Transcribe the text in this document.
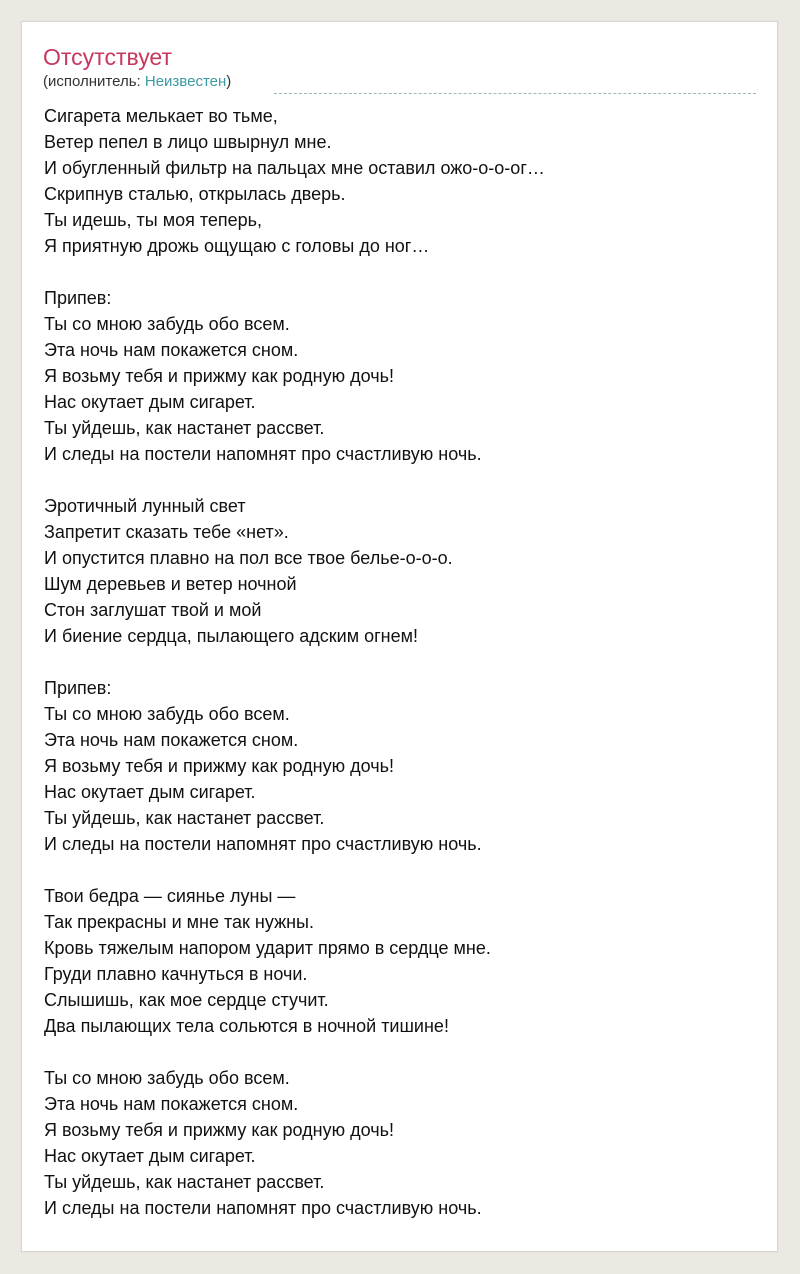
Отсутствует
(исполнитель: Неизвестен)
Сигарета мелькает во тьме,
Ветер пепел в лицо швырнул мне.
И обугленный фильтр на пальцах мне оставил ожо-о-о-ог…
Скрипнув сталью, открылась дверь.
Ты идешь, ты моя теперь,
Я приятную дрожь ощущаю с головы до ног…
Припев:
Ты со мною забудь обо всем.
Эта ночь нам покажется сном.
Я возьму тебя и прижму как родную дочь!
Нас окутает дым сигарет.
Ты уйдешь, как настанет рассвет.
И следы на постели напомнят про счастливую ночь.
Эротичный лунный свет
Запретит сказать тебе «нет».
И опустится плавно на пол все твое белье-о-о-о.
Шум деревьев и ветер ночной
Стон заглушат твой и мой
И биение сердца, пылающего адским огнем!
Припев:
Ты со мною забудь обо всем.
Эта ночь нам покажется сном.
Я возьму тебя и прижму как родную дочь!
Нас окутает дым сигарет.
Ты уйдешь, как настанет рассвет.
И следы на постели напомнят про счастливую ночь.
Твои бедра — сиянье луны —
Так прекрасны и мне так нужны.
Кровь тяжелым напором ударит прямо в сердце мне.
Груди плавно качнуться в ночи.
Слышишь, как мое сердце стучит.
Два пылающих тела сольются в ночной тишине!
Ты со мною забудь обо всем.
Эта ночь нам покажется сном.
Я возьму тебя и прижму как родную дочь!
Нас окутает дым сигарет.
Ты уйдешь, как настанет рассвет.
И следы на постели напомнят про счастливую ночь.
